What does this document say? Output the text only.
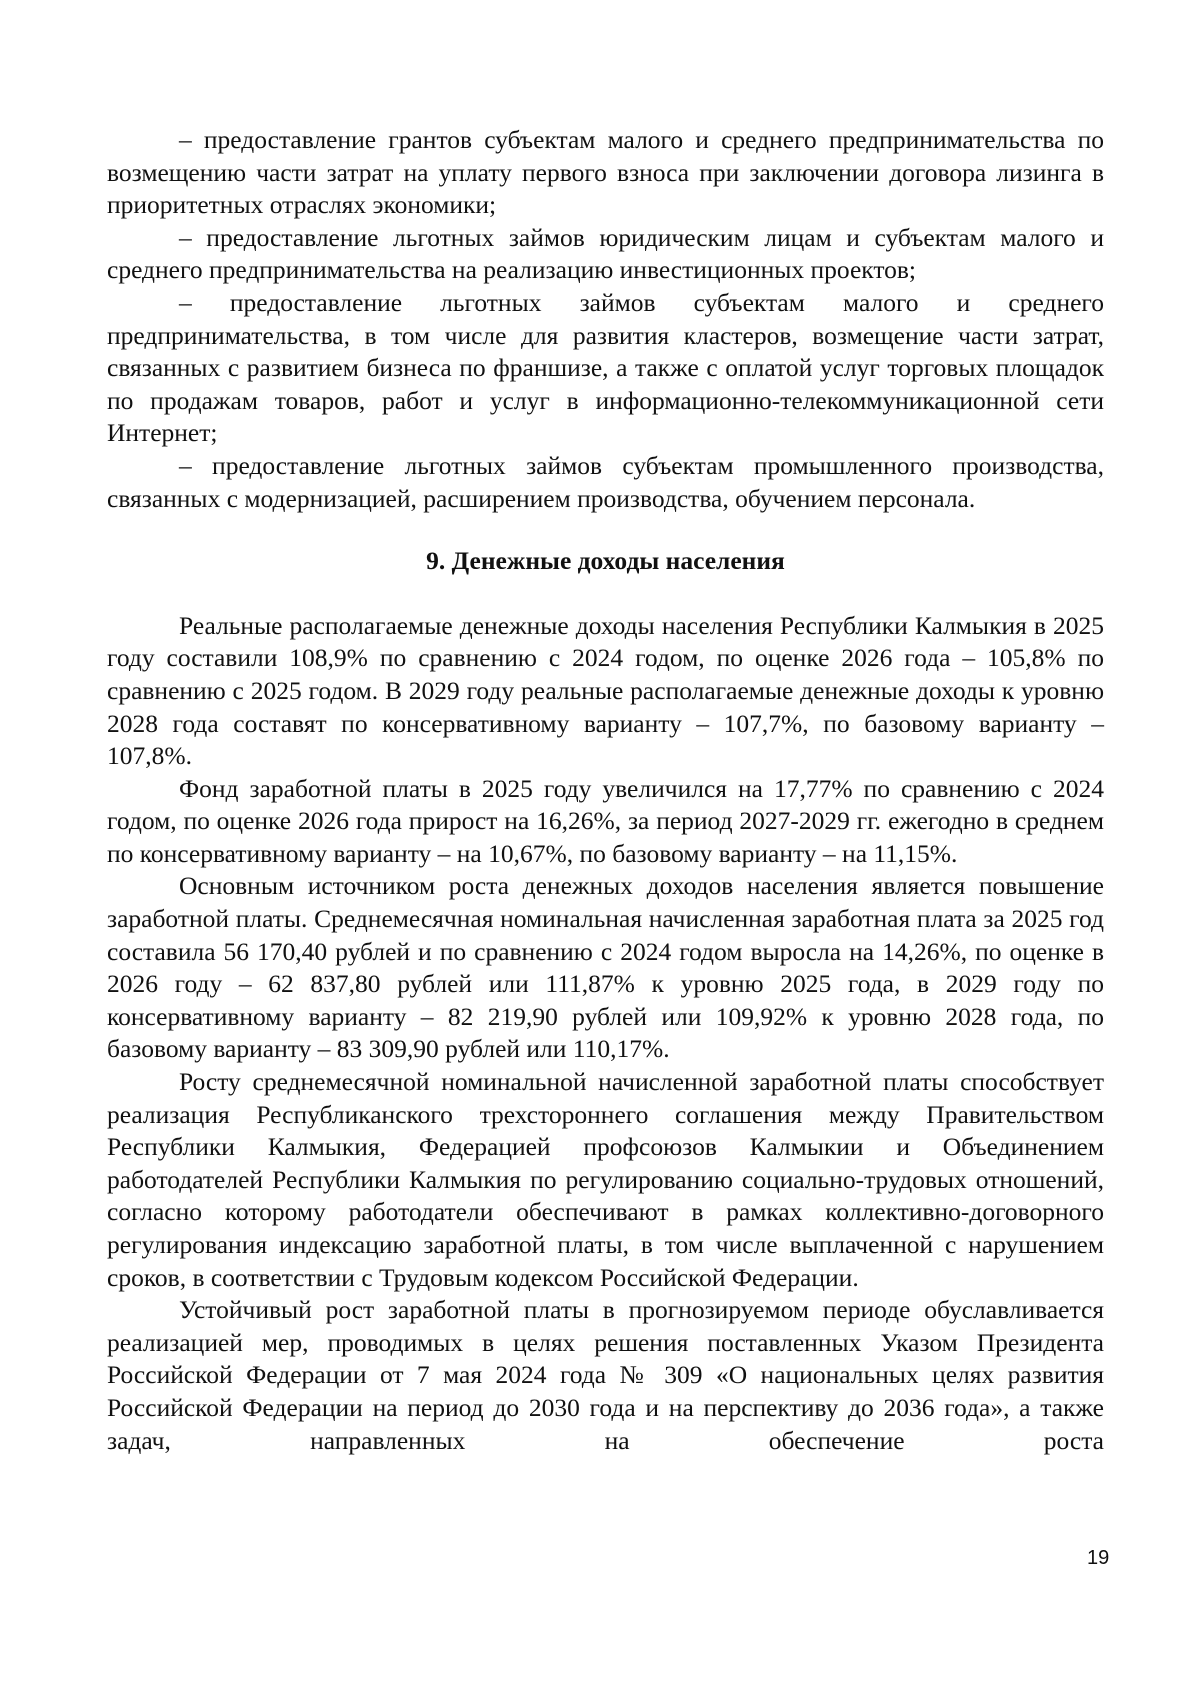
– предоставление грантов субъектам малого и среднего предпринимательства по возмещению части затрат на уплату первого взноса при заключении договора лизинга в приоритетных отраслях экономики;

– предоставление льготных займов юридическим лицам и субъектам малого и среднего предпринимательства на реализацию инвестиционных проектов;

– предоставление льготных займов субъектам малого и среднего предпринимательства, в том числе для развития кластеров, возмещение части затрат, связанных с развитием бизнеса по франшизе, а также с оплатой услуг торговых площадок по продажам товаров, работ и услуг в информационно-телекоммуникационной сети Интернет;

– предоставление льготных займов субъектам промышленного производства, связанных с модернизацией, расширением производства, обучением персонала.

9. Денежные доходы населения

Реальные располагаемые денежные доходы населения Республики Калмыкия в 2025 году составили 108,9% по сравнению с 2024 годом, по оценке 2026 года – 105,8% по сравнению с 2025 годом. В 2029 году реальные располагаемые денежные доходы к уровню 2028 года составят по консервативному варианту – 107,7%, по базовому варианту – 107,8%.

Фонд заработной платы в 2025 году увеличился на 17,77% по сравнению с 2024 годом, по оценке 2026 года прирост на 16,26%, за период 2027-2029 гг. ежегодно в среднем по консервативному варианту – на 10,67%, по базовому варианту – на 11,15%.

Основным источником роста денежных доходов населения является повышение заработной платы. Среднемесячная номинальная начисленная заработная плата за 2025 год составила 56 170,40 рублей и по сравнению с 2024 годом выросла на 14,26%, по оценке в 2026 году – 62 837,80 рублей или 111,87% к уровню 2025 года, в 2029 году по консервативному варианту – 82 219,90 рублей или 109,92% к уровню 2028 года, по базовому варианту – 83 309,90 рублей или 110,17%.

Росту среднемесячной номинальной начисленной заработной платы способствует реализация Республиканского трехстороннего соглашения между Правительством Республики Калмыкия, Федерацией профсоюзов Калмыкии и Объединением работодателей Республики Калмыкия по регулированию социально-трудовых отношений, согласно которому работодатели обеспечивают в рамках коллективно-договорного регулирования индексацию заработной платы, в том числе выплаченной с нарушением сроков, в соответствии с Трудовым кодексом Российской Федерации.

Устойчивый рост заработной платы в прогнозируемом периоде обуславливается реализацией мер, проводимых в целях решения поставленных Указом Президента Российской Федерации от 7 мая 2024 года № 309 «О национальных целях развития Российской Федерации на период до 2030 года и на перспективу до 2036 года», а также задач, направленных на обеспечение роста

19
